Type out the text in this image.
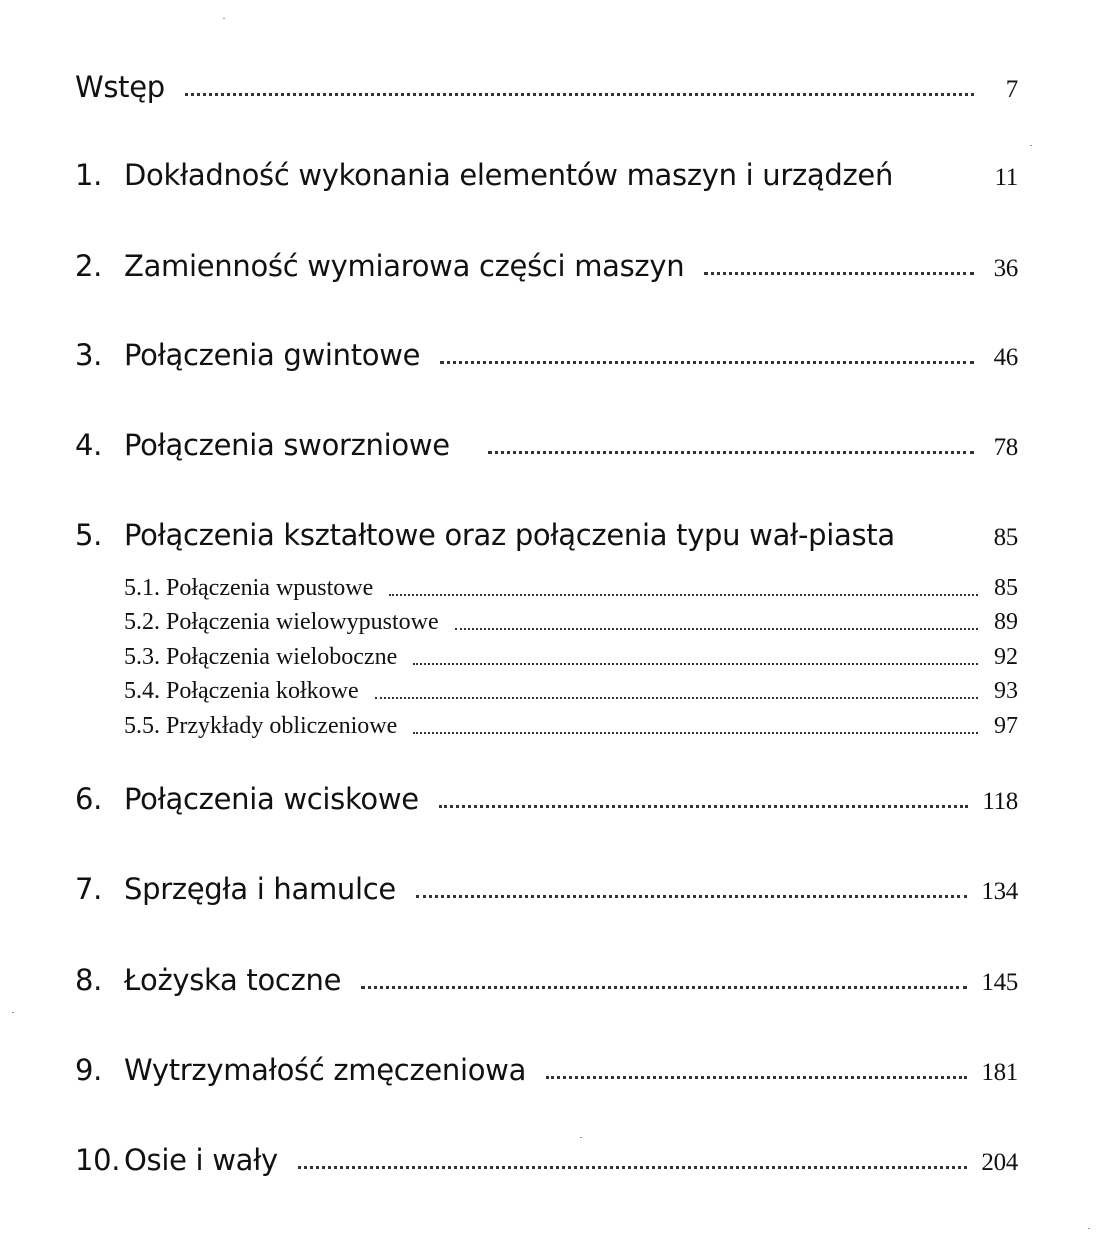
Wstęp	7
1. Dokładność wykonania elementów maszyn i urządzeń	11
2. Zamienność wymiarowa części maszyn	36
3. Połączenia gwintowe	46
4. Połączenia sworzniowe	78
5. Połączenia kształtowe oraz połączenia typu wał-piasta	85
5.1. Połączenia wpustowe	85
5.2. Połączenia wielowypustowe	89
5.3. Połączenia wieloboczne	92
5.4. Połączenia kołkowe	93
5.5. Przykłady obliczeniowe	97
6. Połączenia wciskowe	118
7. Sprzęgła i hamulce	134
8. Łożyska toczne	145
9. Wytrzymałość zmęczeniowa	181
10. Osie i wały	204
